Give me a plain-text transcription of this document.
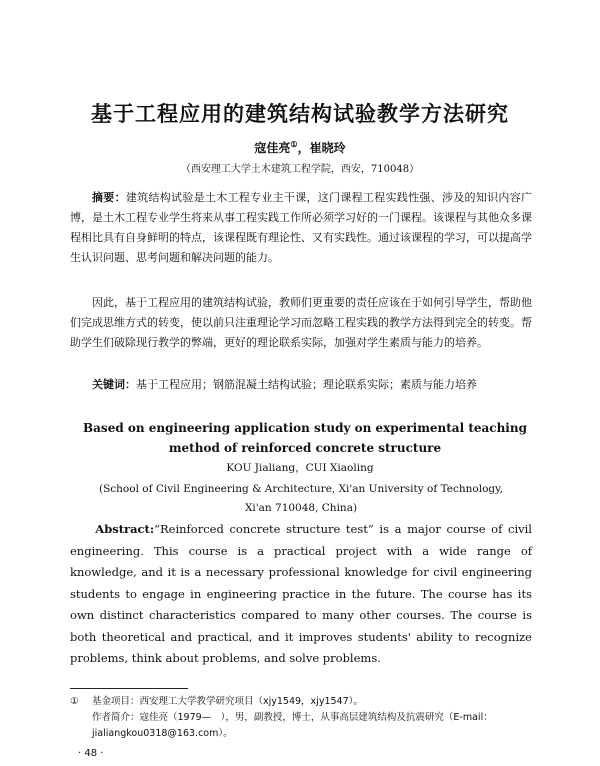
基于工程应用的建筑结构试验教学方法研究
寇佳亮①，崔晓玲
（西安理工大学土木建筑工程学院，西安，710048）
摘要：建筑结构试验是土木工程专业主干课，这门课程工程实践性强、涉及的知识内容广博，是土木工程专业学生将来从事工程实践工作所必须学习好的一门课程。该课程与其他众多课程相比具有自身鲜明的特点，该课程既有理论性、又有实践性。通过该课程的学习，可以提高学生认识问题、思考问题和解决问题的能力。
因此，基于工程应用的建筑结构试验，教师们更重要的责任应该在于如何引导学生，帮助他们完成思维方式的转变，使以前只注重理论学习而忽略工程实践的教学方法得到完全的转变。帮助学生们破除现行教学的弊端，更好的理论联系实际，加强对学生素质与能力的培养。
关键词：基于工程应用；钢筋混凝土结构试验；理论联系实际；素质与能力培养
Based on engineering application study on experimental teaching method of reinforced concrete structure
KOU Jialiang，CUI Xiaoling
(School of Civil Engineering & Architecture, Xi'an University of Technology,
Xi'an 710048, China)
Abstract:“Reinforced concrete structure test” is a major course of civil engineering. This course is a practical project with a wide range of knowledge, and it is a necessary professional knowledge for civil engineering students to engage in engineering practice in the future. The course has its own distinct characteristics compared to many other courses. The course is both theoretical and practical, and it improves students' ability to recognize problems, think about problems, and solve problems.
① 基金项目：西安理工大学教学研究项目（xjy1549，xjy1547）。
作者简介：寇佳亮（1979—　），男，副教授，博士，从事高层建筑结构及抗震研究（E-mail：jialiangkou0318@163.com）。
· 48 ·
